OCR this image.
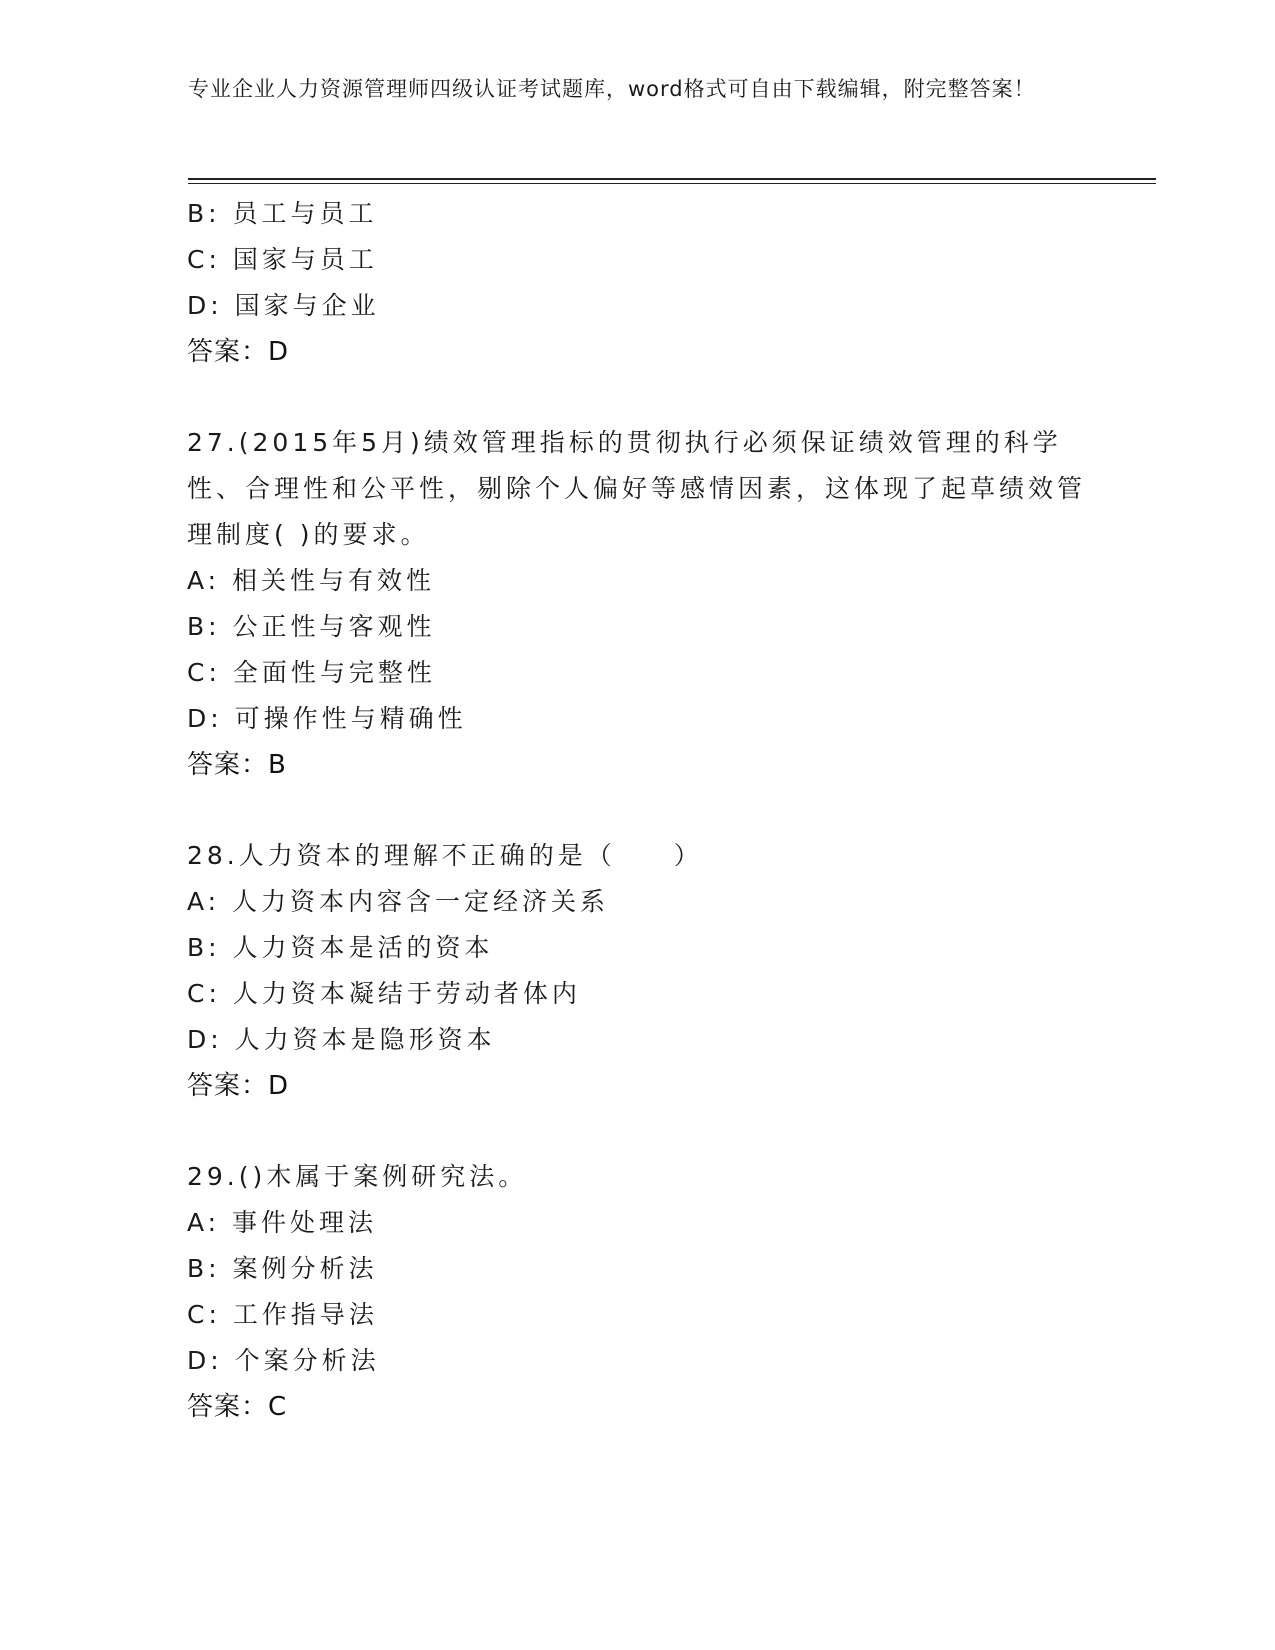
专业企业人力资源管理师四级认证考试题库，word格式可自由下载编辑，附完整答案！
B: 员工与员工
C: 国家与员工
D: 国家与企业
答案：D
27.(2015年5月)绩效管理指标的贯彻执行必须保证绩效管理的科学性、合理性和公平性，剔除个人偏好等感情因素，这体现了起草绩效管理制度( )的要求。
A: 相关性与有效性
B: 公正性与客观性
C: 全面性与完整性
D: 可操作性与精确性
答案：B
28.人力资本的理解不正确的是（　　）
A: 人力资本内容含一定经济关系
B: 人力资本是活的资本
C: 人力资本凝结于劳动者体内
D: 人力资本是隐形资本
答案：D
29.()木属于案例研究法。
A: 事件处理法
B: 案例分析法
C: 工作指导法
D: 个案分析法
答案：C
